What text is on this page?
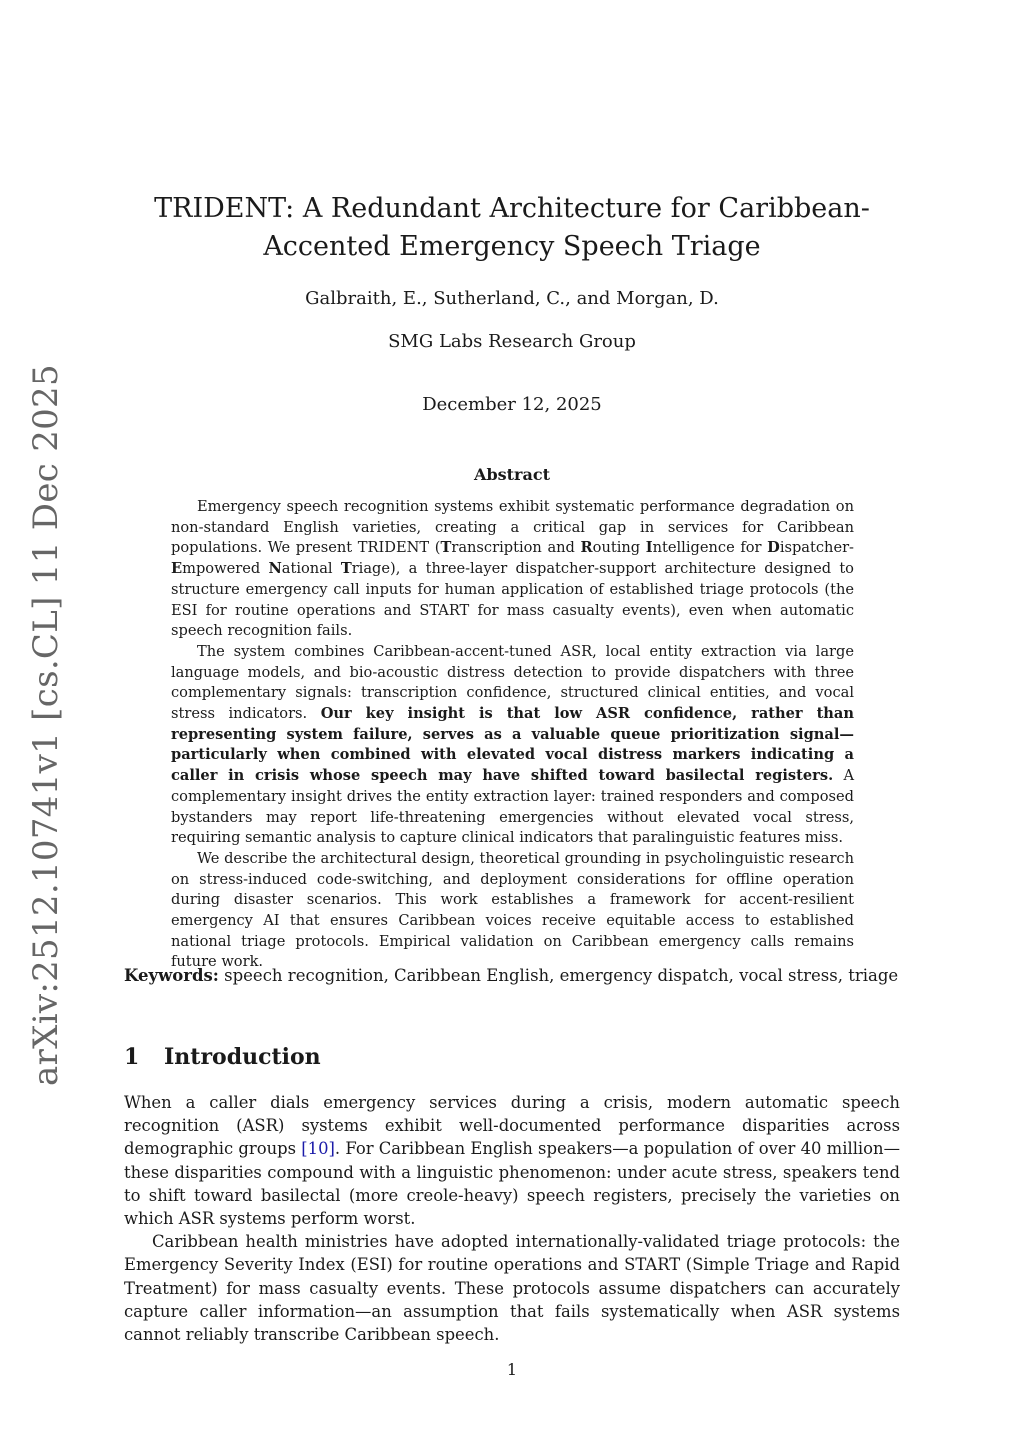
arXiv:2512.10741v1 [cs.CL] 11 Dec 2025
TRIDENT: A Redundant Architecture for Caribbean-Accented Emergency Speech Triage
Galbraith, E., Sutherland, C., and Morgan, D.
SMG Labs Research Group
December 12, 2025
Abstract

Emergency speech recognition systems exhibit systematic performance degradation on non-standard English varieties, creating a critical gap in services for Caribbean populations. We present TRIDENT (Transcription and Routing Intelligence for Dispatcher-Empowered National Triage), a three-layer dispatcher-support architecture designed to structure emergency call inputs for human application of established triage protocols (the ESI for routine operations and START for mass casualty events), even when automatic speech recognition fails.

The system combines Caribbean-accent-tuned ASR, local entity extraction via large language models, and bio-acoustic distress detection to provide dispatchers with three complementary signals: transcription confidence, structured clinical entities, and vocal stress indicators. Our key insight is that low ASR confidence, rather than representing system failure, serves as a valuable queue prioritization signal—particularly when combined with elevated vocal distress markers indicating a caller in crisis whose speech may have shifted toward basilectal registers. A complementary insight drives the entity extraction layer: trained responders and composed bystanders may report life-threatening emergencies without elevated vocal stress, requiring semantic analysis to capture clinical indicators that paralinguistic features miss.

We describe the architectural design, theoretical grounding in psycholinguistic research on stress-induced code-switching, and deployment considerations for offline operation during disaster scenarios. This work establishes a framework for accent-resilient emergency AI that ensures Caribbean voices receive equitable access to established national triage protocols. Empirical validation on Caribbean emergency calls remains future work.

Keywords: speech recognition, Caribbean English, emergency dispatch, vocal stress, triage
1 Introduction

When a caller dials emergency services during a crisis, modern automatic speech recognition (ASR) systems exhibit well-documented performance disparities across demographic groups [10]. For Caribbean English speakers—a population of over 40 million—these disparities compound with a linguistic phenomenon: under acute stress, speakers tend to shift toward basilectal (more creole-heavy) speech registers, precisely the varieties on which ASR systems perform worst.

Caribbean health ministries have adopted internationally-validated triage protocols: the Emergency Severity Index (ESI) for routine operations and START (Simple Triage and Rapid Treatment) for mass casualty events. These protocols assume dispatchers can accurately capture caller information—an assumption that fails systematically when ASR systems cannot reliably transcribe Caribbean speech.

1
